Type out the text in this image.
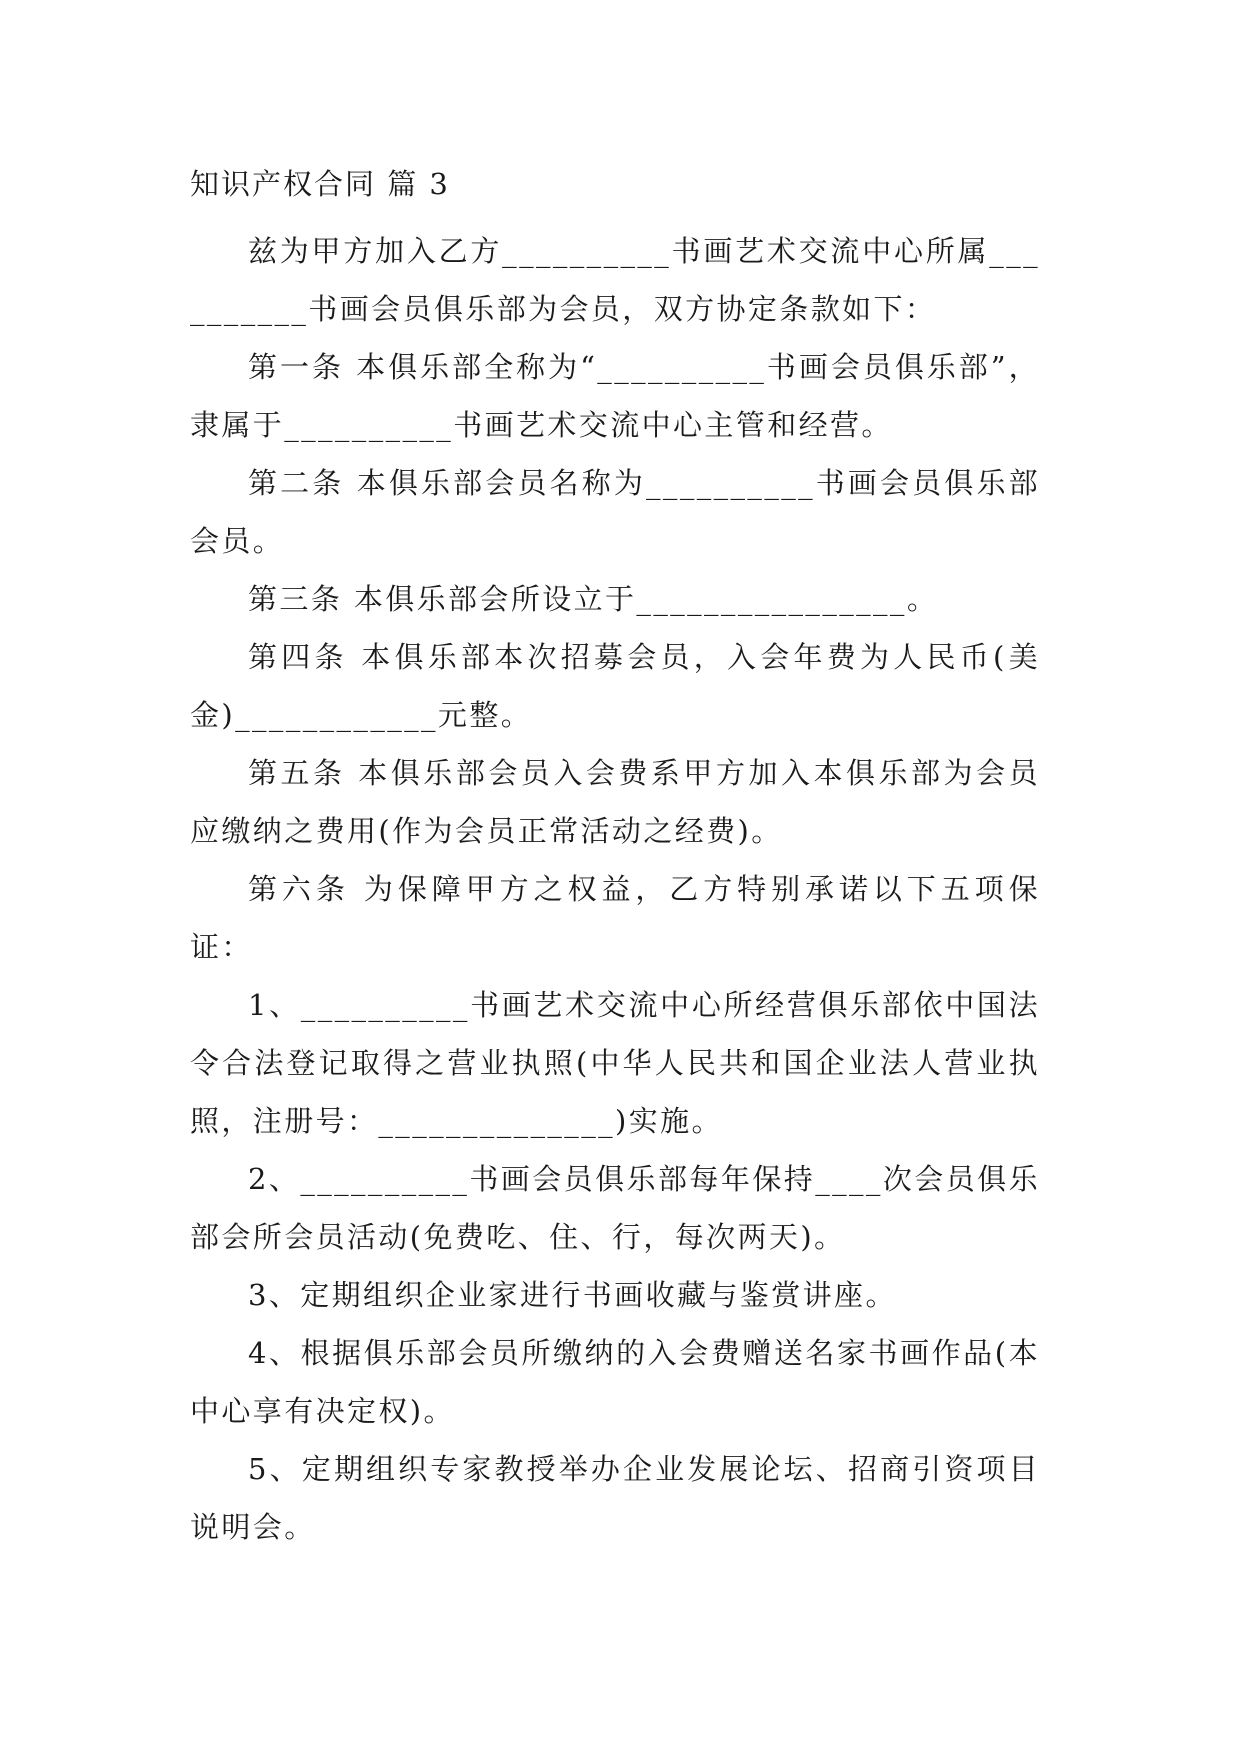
知识产权合同 篇 3

兹为甲方加入乙方__________书画艺术交流中心所属__________书画会员俱乐部为会员，双方协定条款如下：

第一条 本俱乐部全称为“__________书画会员俱乐部”，隶属于__________书画艺术交流中心主管和经营。

第二条 本俱乐部会员名称为__________书画会员俱乐部会员。

第三条 本俱乐部会所设立于________________。

第四条 本俱乐部本次招募会员，入会年费为人民币(美金)____________元整。

第五条 本俱乐部会员入会费系甲方加入本俱乐部为会员应缴纳之费用(作为会员正常活动之经费)。

第六条 为保障甲方之权益，乙方特别承诺以下五项保证：

1、__________书画艺术交流中心所经营俱乐部依中国法令合法登记取得之营业执照(中华人民共和国企业法人营业执照，注册号：______________)实施。

2、__________书画会员俱乐部每年保持____次会员俱乐部会所会员活动(免费吃、住、行，每次两天)。

3、定期组织企业家进行书画收藏与鉴赏讲座。

4、根据俱乐部会员所缴纳的入会费赠送名家书画作品(本中心享有决定权)。

5、定期组织专家教授举办企业发展论坛、招商引资项目说明会。
